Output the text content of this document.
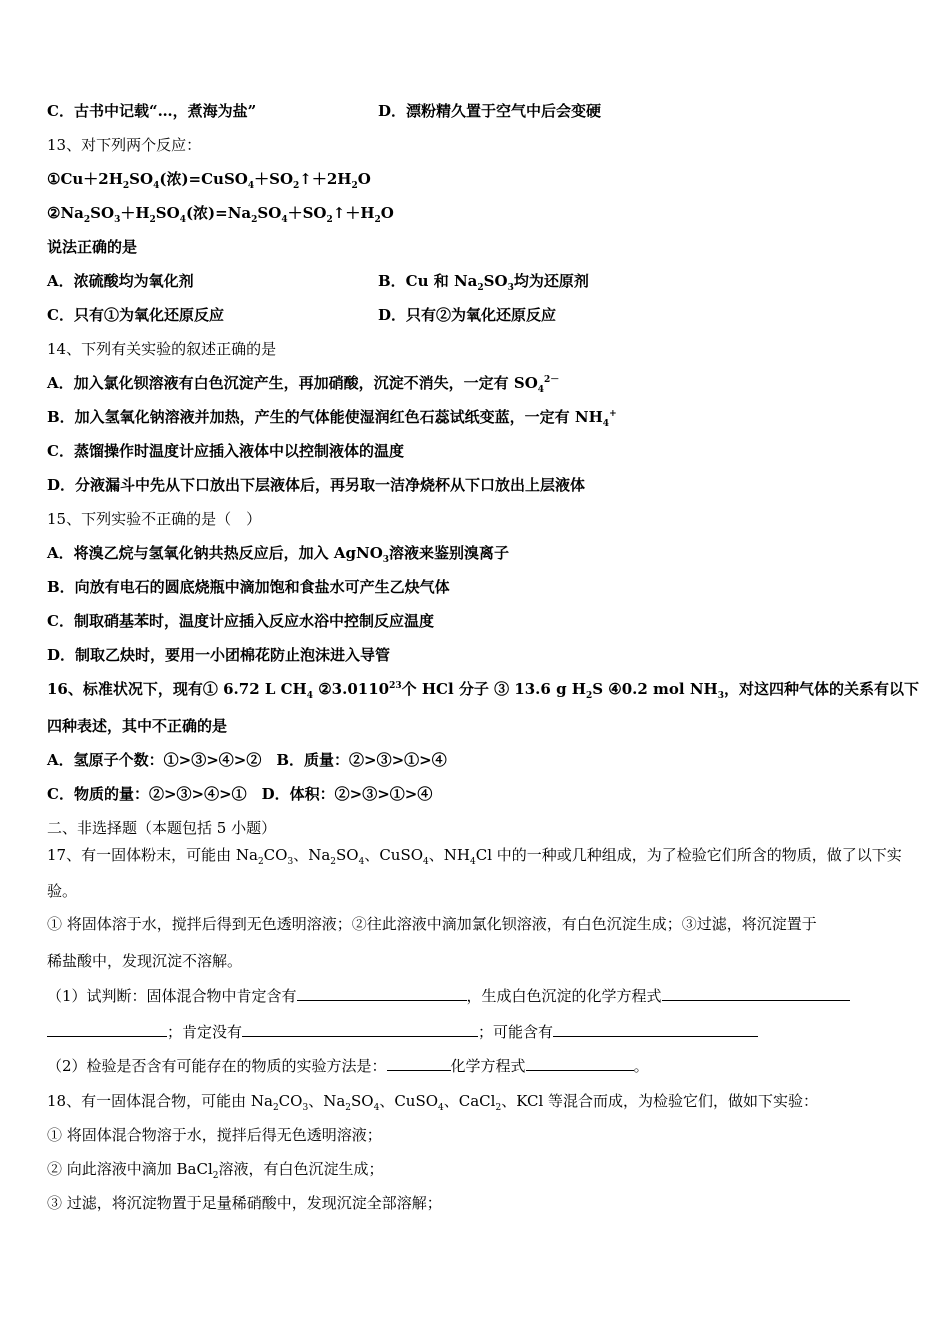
C．古书中记载“…，煮海为盐”	D．漂粉精久置于空气中后会变硬
13、对下列两个反应：
$①Cu+2H_2SO_4$(浓)$=CuSO_4+SO_2↑+2H_2O$
$②Na_2SO_3+H_2SO_4$(浓)$=Na_2SO_4+SO_2↑+H_2O$
说法正确的是
A．浓硫酸均为氧化剂	B．Cu 和 $Na_2SO_3$均为还原剂
C．只有①为氧化还原反应	D．只有②为氧化还原反应
14、下列有关实验的叙述正确的是
A．加入氯化钡溶液有白色沉淀产生，再加硝酸，沉淀不消失，一定有 $SO_4^{2-}$
B．加入氢氧化钠溶液并加热，产生的气体能使湿润红色石蕊试纸变蓝，一定有 $NH_4^+$
C．蒸馏操作时温度计应插入液体中以控制液体的温度
D．分液漏斗中先从下口放出下层液体后，再另取一洁净烧杯从下口放出上层液体
15、下列实验不正确的是（　）
A．将溴乙烷与氢氧化钠共热反应后，加入 AgNO$_3$溶液来鉴别溴离子
B．向放有电石的圆底烧瓶中滴加饱和食盐水可产生乙炔气体
C．制取硝基苯时，温度计应插入反应水浴中控制反应温度
D．制取乙炔时，要用一小团棉花防止泡沫进入导管
16、标准状况下，现有① 6.72 L $CH_4$ ②3.0110$^{23}$个 HCl 分子 ③ 13.6 g $H_2S$ ④0.2 mol $NH_3$，对这四种气体的关系有以下
四种表述，其中不正确的是
A．氢原子个数：①>③>④>②　B．质量：②>③>①>④
C．物质的量：②>③>④>①　D．体积：②>③>①>④
二、非选择题（本题包括 5 小题）
17、有一固体粉末，可能由 $Na_2CO_3$、$Na_2SO_4$、CuSO$_4$、$NH_4Cl$ 中的一种或几种组成，为了检验它们所含的物质，做了以下实
验。
① 将固体溶于水，搅拌后得到无色透明溶液；②往此溶液中滴加氯化钡溶液，有白色沉淀生成；③过滤，将沉淀置于
稀盐酸中，发现沉淀不溶解。
（1）试判断：固体混合物中肯定含有	，生成白色沉淀的化学方程式
；肯定没有	；可能含有
（2）检验是否含有可能存在的物质的实验方法是：	化学方程式	。
18、有一固体混合物，可能由 $Na_2CO_3$、$Na_2SO_4$、CuSO$_4$、CaCl$_2$、KCl 等混合而成，为检验它们，做如下实验：
① 将固体混合物溶于水，搅拌后得无色透明溶液；
② 向此溶液中滴加 BaCl$_2$溶液，有白色沉淀生成；
③ 过滤，将沉淀物置于足量稀硝酸中，发现沉淀全部溶解；
